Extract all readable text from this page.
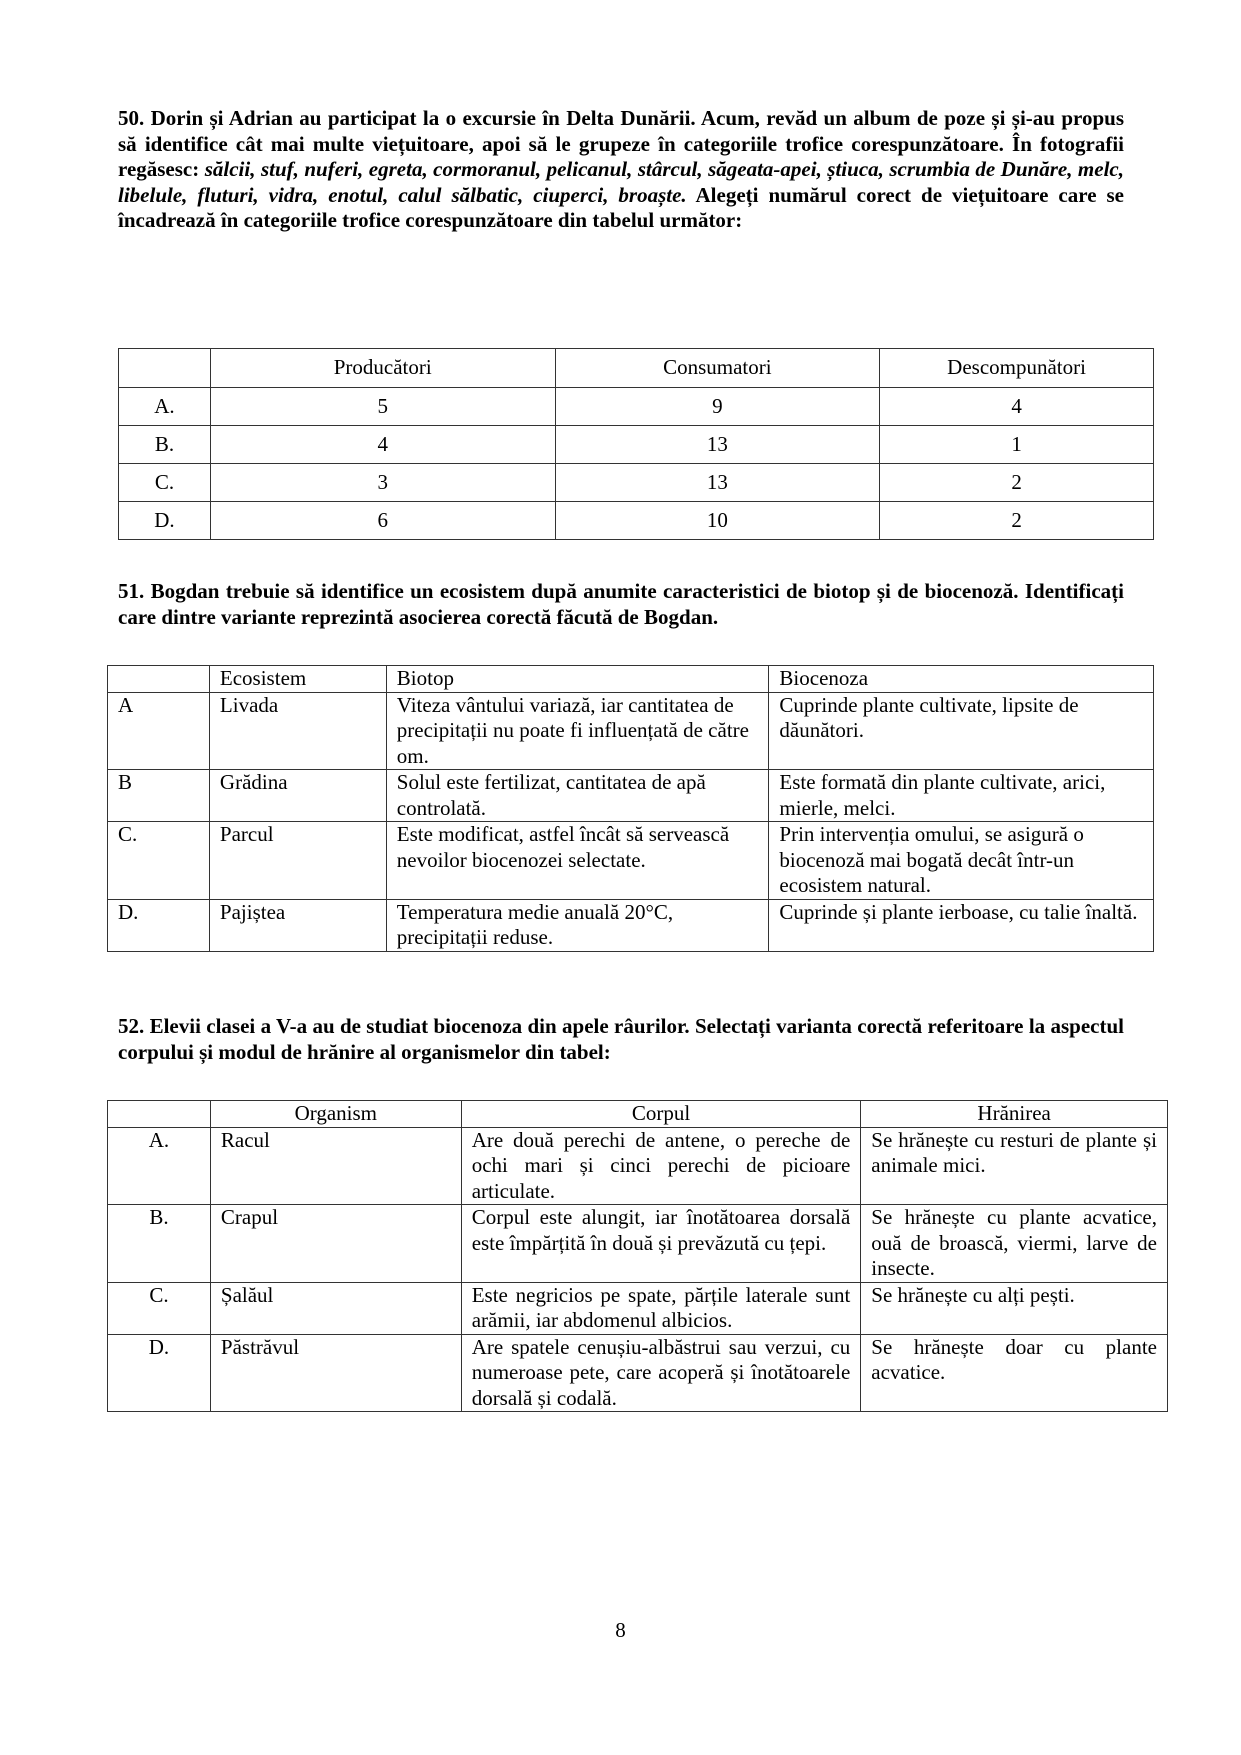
50. Dorin și Adrian au participat la o excursie în Delta Dunării. Acum, revăd un album de poze și și-au propus să identifice cât mai multe viețuitoare, apoi să le grupeze în categoriile trofice corespunzătoare. În fotografii regăsesc: sălcii, stuf, nuferi, egreta, cormoranul, pelicanul, stârcul, săgeata-apei, știuca, scrumbia de Dunăre, melc, libelule, fluturi, vidra, enotul, calul sălbatic, ciuperci, broaște. Alegeți numărul corect de viețuitoare care se încadrează în categoriile trofice corespunzătoare din tabelul următor:
	Producători	Consumatori	Descompunători
A.	5	9	4
B.	4	13	1
C.	3	13	2
D.	6	10	2
51. Bogdan trebuie să identifice un ecosistem după anumite caracteristici de biotop și de biocenoză. Identificați care dintre variante reprezintă asocierea corectă făcută de Bogdan.
	Ecosistem	Biotop	Biocenoza
A	Livada	Viteza vântului variază, iar cantitatea de precipitații nu poate fi influențată de către om.	Cuprinde plante cultivate, lipsite de dăunători.
B	Grădina	Solul este fertilizat, cantitatea de apă controlată.	Este formată din plante cultivate, arici, mierle, melci.
C.	Parcul	Este modificat, astfel încât să servească nevoilor biocenozei selectate.	Prin intervenția omului, se asigură o biocenoză mai bogată decât într-un ecosistem natural.
D.	Pajiștea	Temperatura medie anuală 20°C, precipitații reduse.	Cuprinde și plante ierboase, cu talie înaltă.
52. Elevii clasei a V-a au de studiat biocenoza din apele râurilor. Selectați varianta corectă referitoare la aspectul corpului și modul de hrănire al organismelor din tabel:
	Organism	Corpul	Hrănirea
A.	Racul	Are două perechi de antene, o pereche de ochi mari și cinci perechi de picioare articulate.	Se hrănește cu resturi de plante și animale mici.
B.	Crapul	Corpul este alungit, iar înotătoarea dorsală este împărțită în două și prevăzută cu țepi.	Se hrănește cu plante acvatice, ouă de broască, viermi, larve de insecte.
C.	Șalăul	Este negricios pe spate, părțile laterale sunt arămii, iar abdomenul albicios.	Se hrănește cu alți pești.
D.	Păstrăvul	Are spatele cenușiu-albăstrui sau verzui, cu numeroase pete, care acoperă și înotătoarele dorsală și codală.	Se hrănește doar cu plante acvatice.
8
